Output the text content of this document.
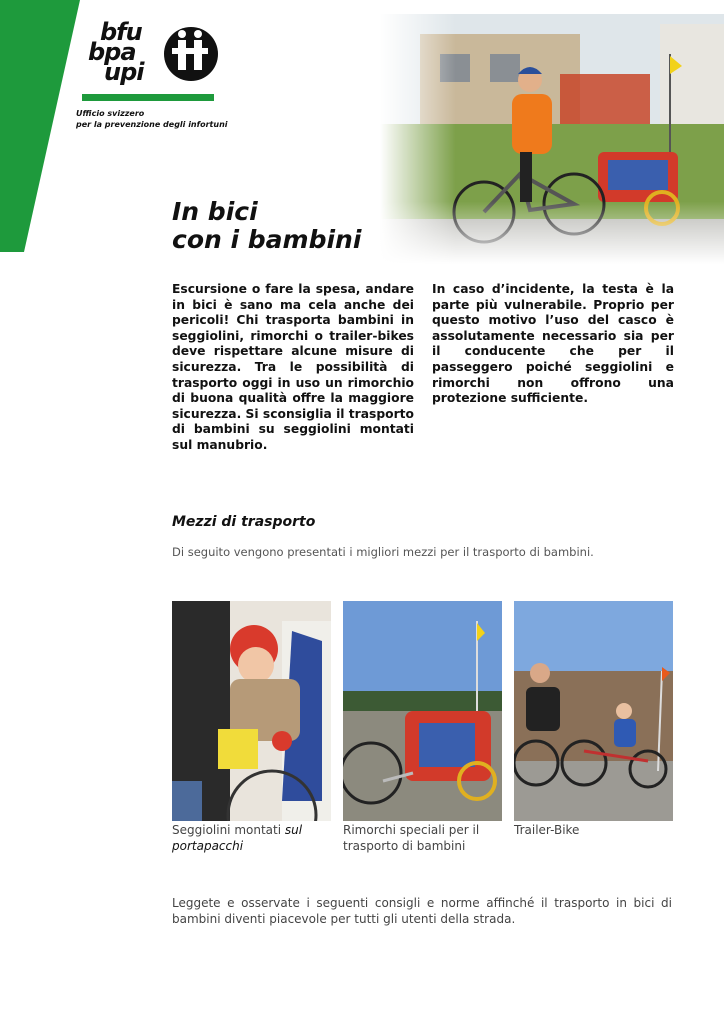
bfu
bpa
upi
Ufficio svizzero
per la prevenzione degli infortuni
In bici
con i bambini
Escursione o fare la spesa, andare in bici è sano ma cela anche dei pericoli! Chi trasporta bambini in seggiolini, rimorchi o trailer-bikes deve rispettare alcune misure di sicurezza. Tra le possibilità di trasporto oggi in uso un rimorchio di buona qualità offre la maggiore sicurezza. Si sconsiglia il trasporto di bambini su seggiolini montati sul manubrio.
In caso d’incidente, la testa è la parte più vulnerabile. Proprio per questo motivo l’uso del casco è assolutamente necessario sia per il conducente che per il passeggero poiché seggiolini e rimorchi non offrono una protezione sufficiente.
Mezzi di trasporto
Di seguito vengono presentati i migliori mezzi per il trasporto di bambini.
Seggiolini montati sul portapacchi
Rimorchi speciali per il trasporto di bambini
Trailer-Bike
Leggete e osservate i seguenti consigli e norme affinché il trasporto in bici di bambini diventi piacevole per tutti gli utenti della strada.
